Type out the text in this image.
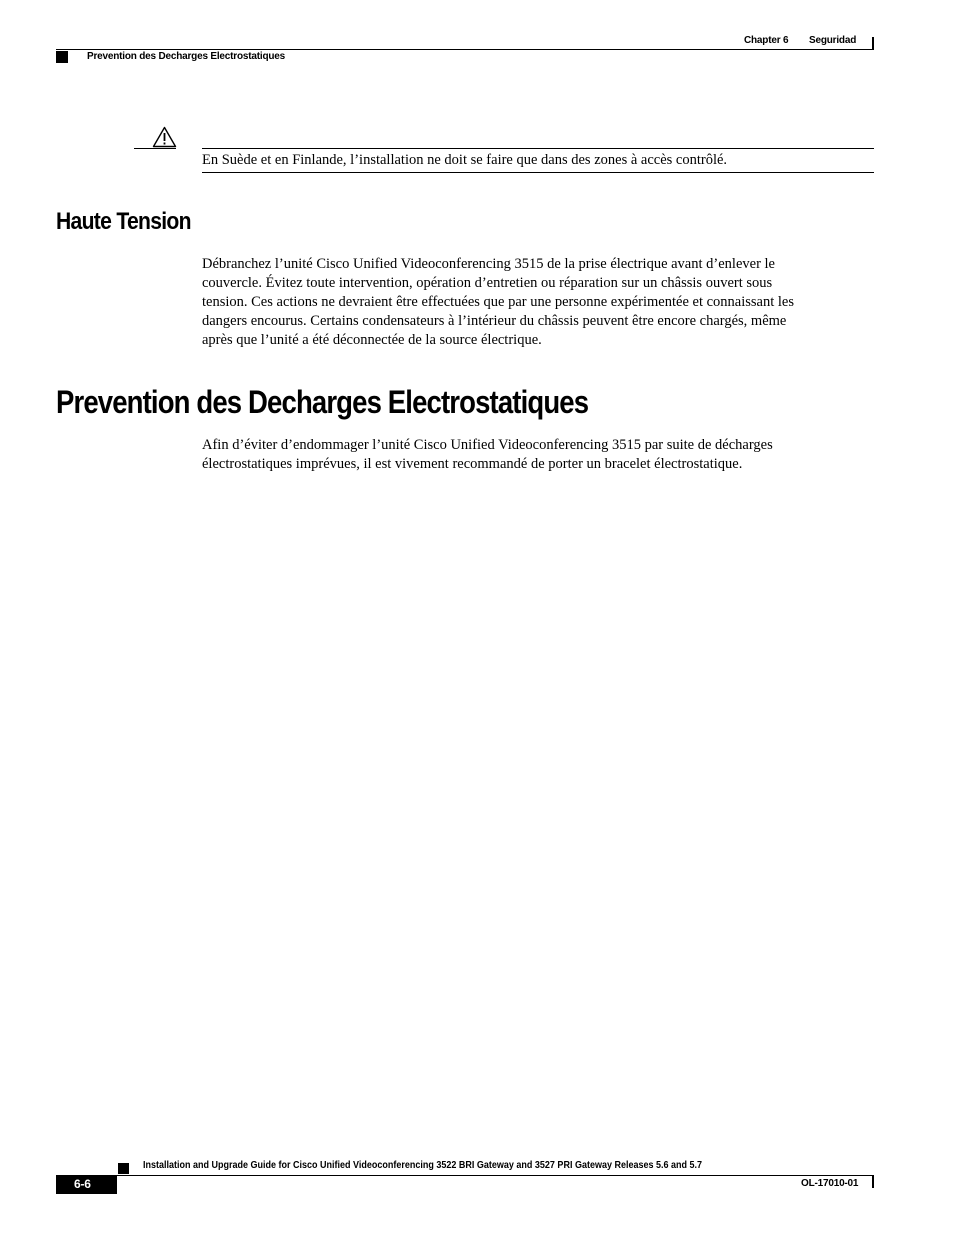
Chapter 6 Seguridad
Prevention des Decharges Electrostatiques
En Suède et en Finlande, l’installation ne doit se faire que dans des zones à accès contrôlé.
Haute Tension
Débranchez l’unité Cisco Unified Videoconferencing 3515 de la prise électrique avant d’enlever le
couvercle. Évitez toute intervention, opération d’entretien ou réparation sur un châssis ouvert sous
tension. Ces actions ne devraient être effectuées que par une personne expérimentée et connaissant les
dangers encourus. Certains condensateurs à l’intérieur du châssis peuvent être encore chargés, même
après que l’unité a été déconnectée de la source électrique.
Prevention des Decharges Electrostatiques
Afin d’éviter d’endommager l’unité Cisco Unified Videoconferencing 3515 par suite de décharges
électrostatiques imprévues, il est vivement recommandé de porter un bracelet électrostatique.
Installation and Upgrade Guide for Cisco Unified Videoconferencing 3522 BRI Gateway and 3527 PRI Gateway Releases 5.6 and 5.7
6-6	OL-17010-01
